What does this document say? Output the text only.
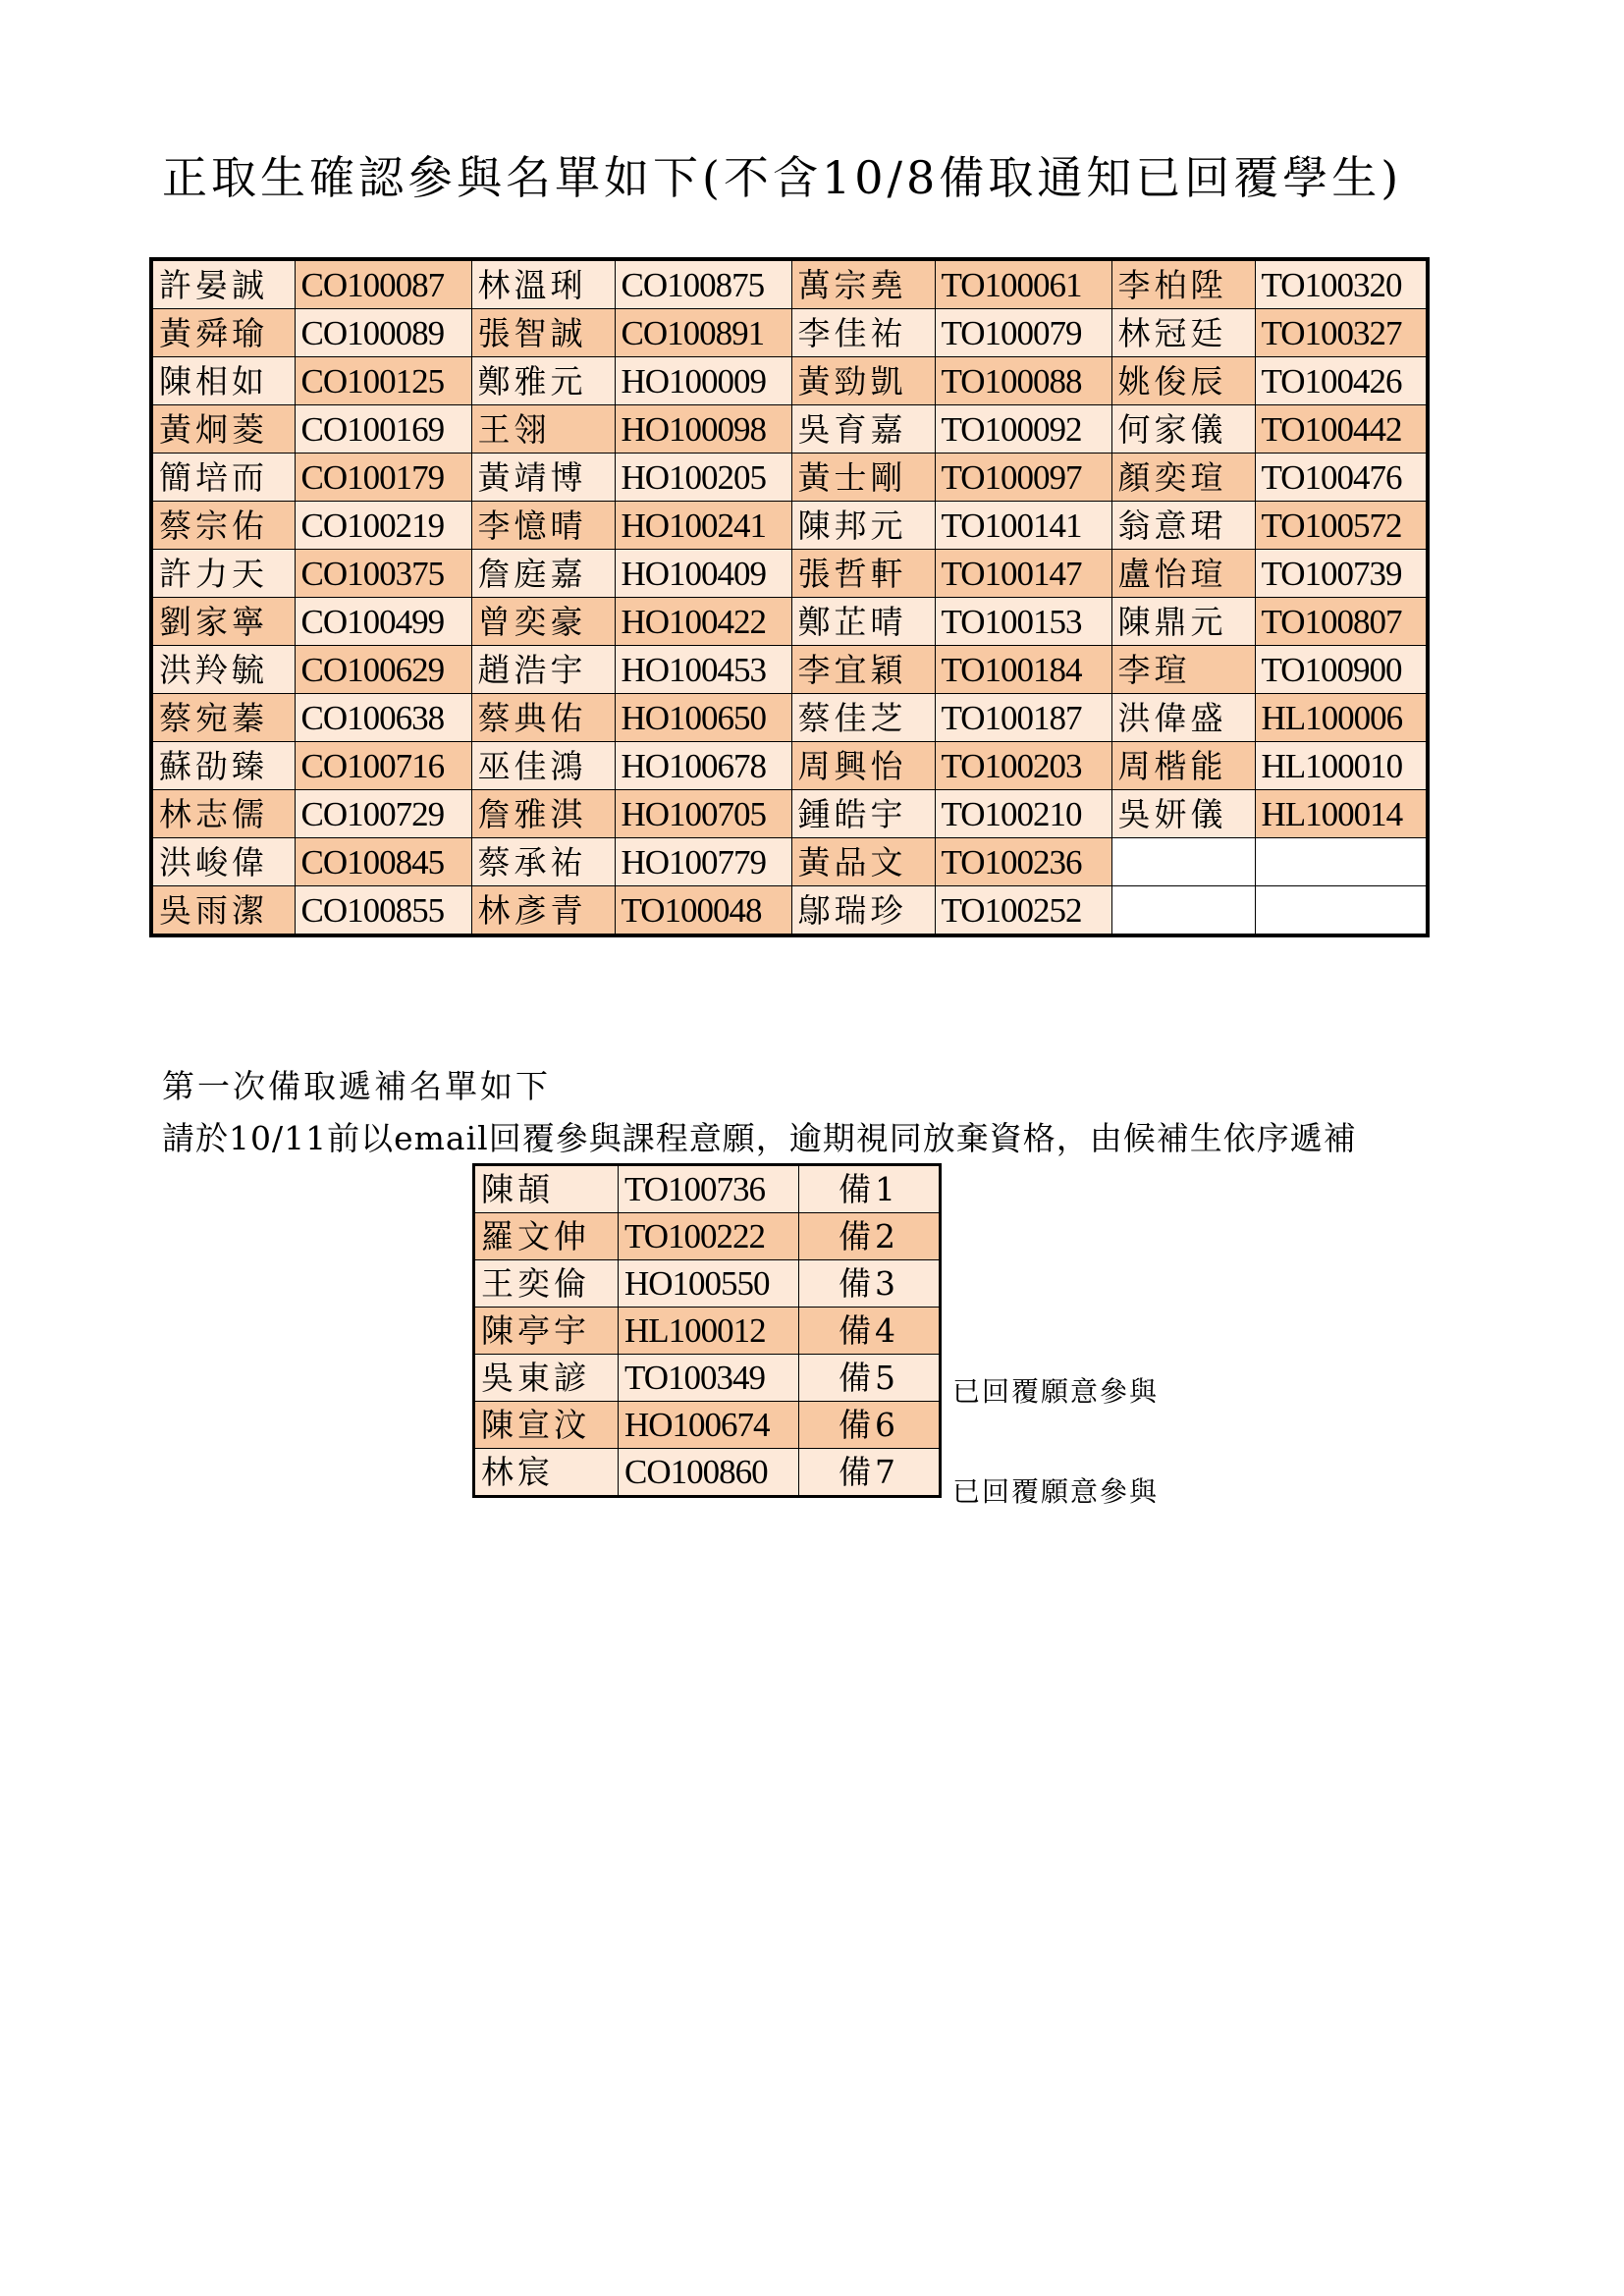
正取生確認參與名單如下(不含10/8備取通知已回覆學生)
許晏誠	CO100087	林溫琍	CO100875	萬宗堯	TO100061	李柏陞	TO100320
黃舜瑜	CO100089	張智誠	CO100891	李佳祐	TO100079	林冠廷	TO100327
陳相如	CO100125	鄭雅元	HO100009	黃勁凱	TO100088	姚俊辰	TO100426
黃炯菱	CO100169	王翎	HO100098	吳育嘉	TO100092	何家儀	TO100442
簡培而	CO100179	黃靖博	HO100205	黃士剛	TO100097	顏奕瑄	TO100476
蔡宗佑	CO100219	李憶晴	HO100241	陳邦元	TO100141	翁意珺	TO100572
許力天	CO100375	詹庭嘉	HO100409	張哲軒	TO100147	盧怡瑄	TO100739
劉家寧	CO100499	曾奕豪	HO100422	鄭芷晴	TO100153	陳鼎元	TO100807
洪羚毓	CO100629	趙浩宇	HO100453	李宜穎	TO100184	李瑄	TO100900
蔡宛蓁	CO100638	蔡典佑	HO100650	蔡佳芝	TO100187	洪偉盛	HL100006
蘇劭臻	CO100716	巫佳鴻	HO100678	周興怡	TO100203	周楷能	HL100010
林志儒	CO100729	詹雅淇	HO100705	鍾皓宇	TO100210	吳妍儀	HL100014
洪峻偉	CO100845	蔡承祐	HO100779	黃品文	TO100236		
吳雨潔	CO100855	林彥青	TO100048	鄔瑞珍	TO100252		
第一次備取遞補名單如下
請於10/11前以email回覆參與課程意願，逾期視同放棄資格，由候補生依序遞補
陳頡	TO100736	備1
羅文伸	TO100222	備2
王奕倫	HO100550	備3
陳亭宇	HL100012	備4
吳東諺	TO100349	備5
陳宣汶	HO100674	備6
林宸	CO100860	備7
已回覆願意參與
已回覆願意參與
